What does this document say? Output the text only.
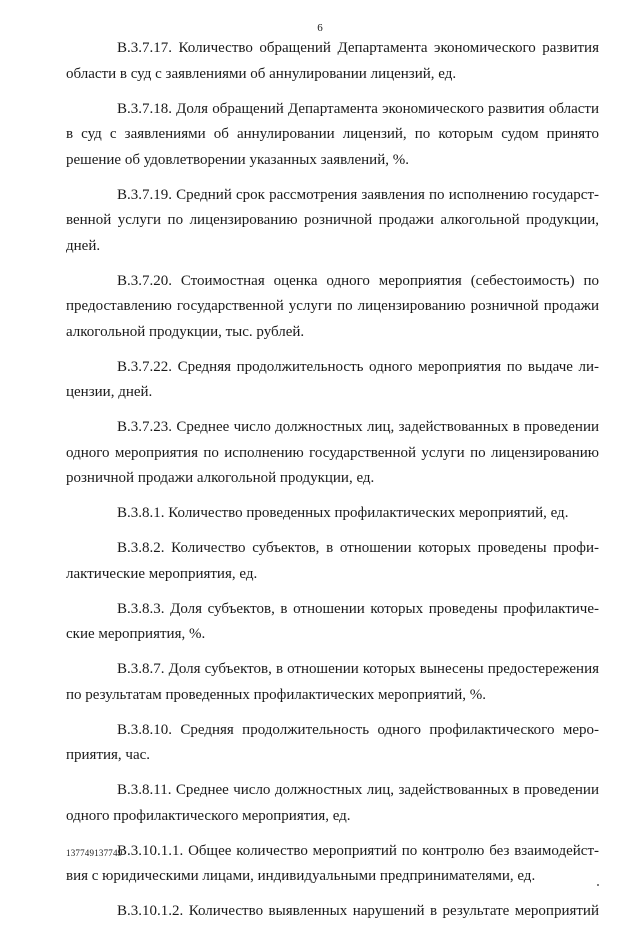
6

В.3.7.17. Количество обращений Департамента экономического развития области в суд с заявлениями об аннулировании лицензий, ед.

В.3.7.18. Доля обращений Департамента экономического развития области в суд с заявлениями об аннулировании лицензий, по которым судом принято решение об удовлетворении указанных заявлений, %.

В.3.7.19. Средний срок рассмотрения заявления по исполнению государственной услуги по лицензированию розничной продажи алкогольной продукции, дней.

В.3.7.20. Стоимостная оценка одного мероприятия (себестоимость) по предоставлению государственной услуги по лицензированию розничной продажи алкогольной продукции, тыс. рублей.

В.3.7.22. Средняя продолжительность одного мероприятия по выдаче лицензии, дней.

В.3.7.23. Среднее число должностных лиц, задействованных в проведении одного мероприятия по исполнению государственной услуги по лицензированию розничной продажи алкогольной продукции, ед.

В.3.8.1. Количество проведенных профилактических мероприятий, ед.

В.3.8.2. Количество субъектов, в отношении которых проведены профилактические мероприятия, ед.

В.3.8.3. Доля субъектов, в отношении которых проведены профилактические мероприятия, %.

В.3.8.7. Доля субъектов, в отношении которых вынесены предостережения по результатам проведенных профилактических мероприятий, %.

В.3.8.10. Средняя продолжительность одного профилактического мероприятия, час.

В.3.8.11. Среднее число должностных лиц, задействованных в проведении одного профилактического мероприятия, ед.

В.3.10.1.1. Общее количество мероприятий по контролю без взаимодействия с юридическими лицами, индивидуальными предпринимателями, ед.

В.3.10.1.2. Количество выявленных нарушений в результате мероприятий

137749137749
